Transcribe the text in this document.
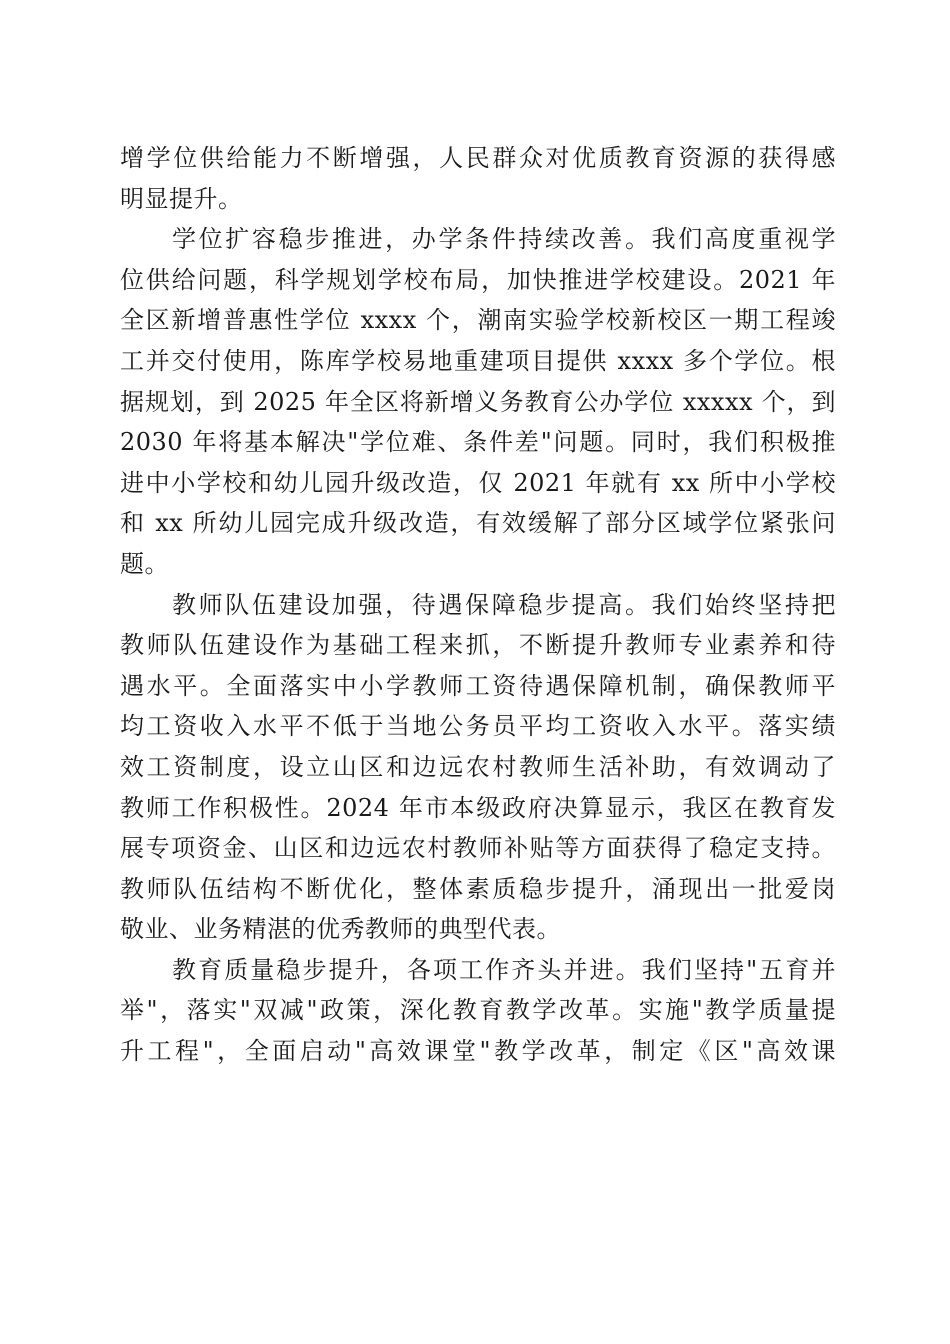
增学位供给能力不断增强，人民群众对优质教育资源的获得感
明显提升。
学位扩容稳步推进，办学条件持续改善。我们高度重视学
位供给问题，科学规划学校布局，加快推进学校建设。2021 年
全区新增普惠性学位 xxxx 个，潮南实验学校新校区一期工程竣
工并交付使用，陈库学校易地重建项目提供 xxxx 多个学位。根
据规划，到 2025 年全区将新增义务教育公办学位 xxxxx 个，到
2030 年将基本解决"学位难、条件差"问题。同时，我们积极推
进中小学校和幼儿园升级改造，仅 2021 年就有 xx 所中小学校
和 xx 所幼儿园完成升级改造，有效缓解了部分区域学位紧张问
题。
教师队伍建设加强，待遇保障稳步提高。我们始终坚持把
教师队伍建设作为基础工程来抓，不断提升教师专业素养和待
遇水平。全面落实中小学教师工资待遇保障机制，确保教师平
均工资收入水平不低于当地公务员平均工资收入水平。落实绩
效工资制度，设立山区和边远农村教师生活补助，有效调动了
教师工作积极性。2024 年市本级政府决算显示，我区在教育发
展专项资金、山区和边远农村教师补贴等方面获得了稳定支持。
教师队伍结构不断优化，整体素质稳步提升，涌现出一批爱岗
敬业、业务精湛的优秀教师的典型代表。
教育质量稳步提升，各项工作齐头并进。我们坚持"五育并
举"，落实"双减"政策，深化教育教学改革。实施"教学质量提
升工程"，全面启动"高效课堂"教学改革，制定《区"高效课
